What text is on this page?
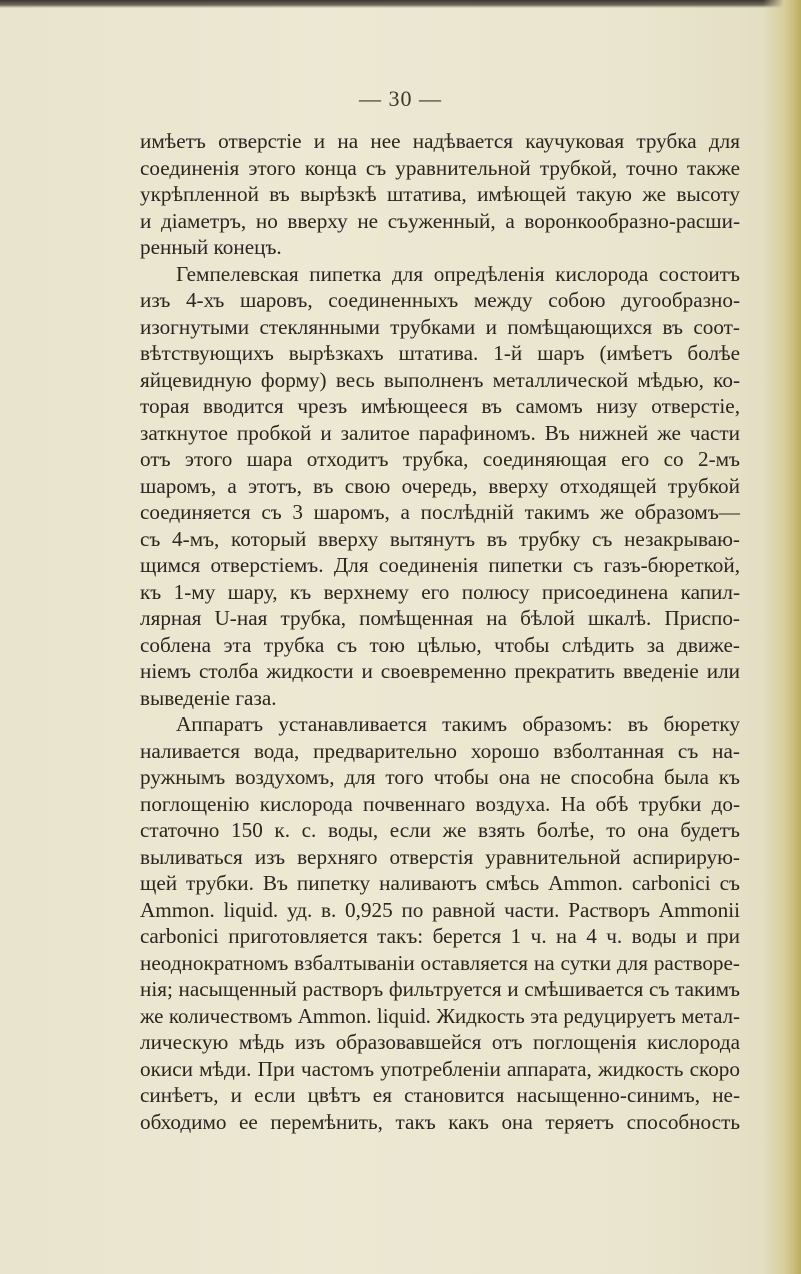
— 30 —
имѣетъ отверстіе и на нее надѣвается каучуковая трубка для
соединенія этого конца съ уравнительной трубкой, точно также
укрѣпленной въ вырѣзкѣ штатива, имѣющей такую же высоту
и діаметръ, но вверху не съуженный, а воронкообразно-расши-
ренный конецъ.
Гемпелевская пипетка для опредѣленія кислорода состоитъ
изъ 4-хъ шаровъ, соединенныхъ между собою дугообразно-
изогнутыми стеклянными трубками и помѣщающихся въ соот-
вѣтствующихъ вырѣзкахъ штатива. 1-й шаръ (имѣетъ болѣе
яйцевидную форму) весь выполненъ металлической мѣдью, ко-
торая вводится чрезъ имѣющееся въ самомъ низу отверстіе,
заткнутое пробкой и залитое парафиномъ. Въ нижней же части
отъ этого шара отходитъ трубка, соединяющая его со 2-мъ
шаромъ, а этотъ, въ свою очередь, вверху отходящей трубкой
соединяется съ 3 шаромъ, а послѣдній такимъ же образомъ—
съ 4-мъ, который вверху вытянутъ въ трубку съ незакрываю-
щимся отверстіемъ. Для соединенія пипетки съ газъ-бюреткой,
къ 1-му шару, къ верхнему его полюсу присоединена капил-
лярная U-ная трубка, помѣщенная на бѣлой шкалѣ. Приспо-
соблена эта трубка съ тою цѣлью, чтобы слѣдить за движе-
ніемъ столба жидкости и своевременно прекратить введеніе или
выведеніе газа.
Аппаратъ устанавливается такимъ образомъ: въ бюретку
наливается вода, предварительно хорошо взболтанная съ на-
ружнымъ воздухомъ, для того чтобы она не способна была къ
поглощенію кислорода почвеннаго воздуха. На обѣ трубки до-
статочно 150 к. с. воды, если же взять болѣе, то она будетъ
выливаться изъ верхняго отверстія уравнительной аспирирую-
щей трубки. Въ пипетку наливаютъ смѣсь Ammon. carbonici съ
Ammon. liquid. уд. в. 0,925 по равной части. Растворъ Ammonii
carbonici приготовляется такъ: берется 1 ч. на 4 ч. воды и при
неоднократномъ взбалтываніи оставляется на сутки для растворе-
нія; насыщенный растворъ фильтруется и смѣшивается съ такимъ
же количествомъ Ammon. liquid. Жидкость эта редуцируетъ метал-
лическую мѣдь изъ образовавшейся отъ поглощенія кислорода
окиси мѣди. При частомъ употребленіи аппарата, жидкость скоро
синѣетъ, и если цвѣтъ ея становится насыщенно-синимъ, не-
обходимо ее перемѣнить, такъ какъ она теряетъ способность
